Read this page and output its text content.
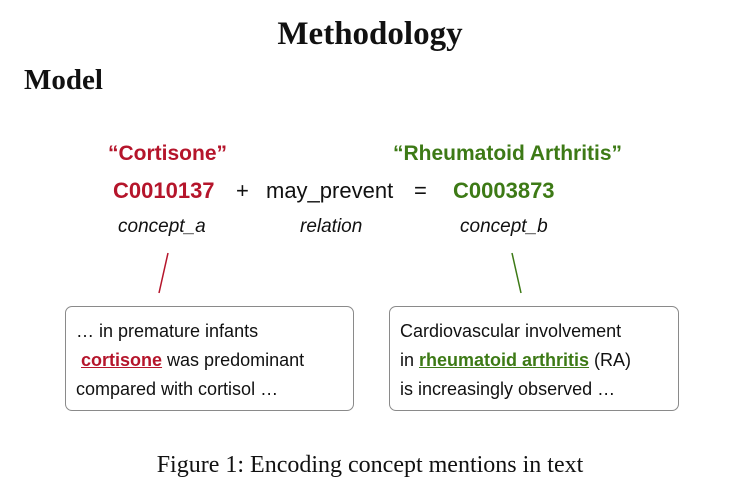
Methodology
Model
“Cortisone”	“Rheumatoid Arthritis”
C0010137 + may_prevent = C0003873
concept_a	relation	concept_b
… in premature infants
cortisone was predominant
compared with cortisol …
Cardiovascular involvement
in rheumatoid arthritis (RA)
is increasingly observed …
Figure 1: Encoding concept mentions in text
